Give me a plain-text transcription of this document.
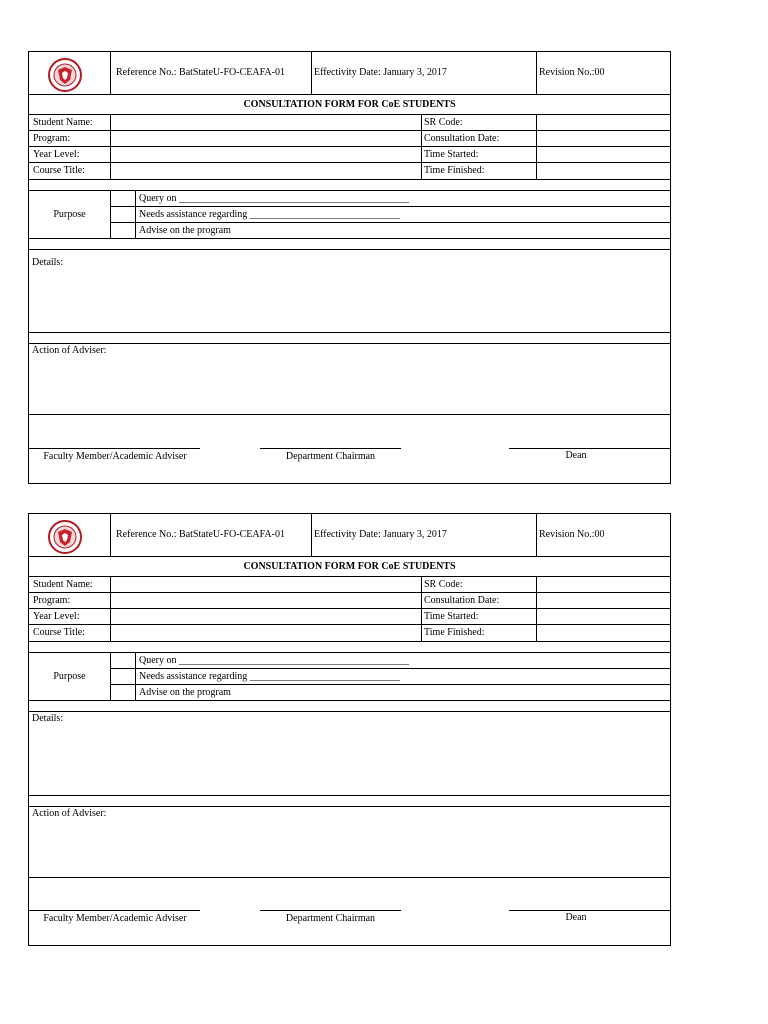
Reference No.: BatStateU-FO-CEAFA-01	Effectivity Date: January 3, 2017	Revision No.:00
CONSULTATION FORM FOR CoE STUDENTS
Student Name:	SR Code:
Program:	Consultation Date:
Year Level:	Time Started:
Course Title:	Time Finished:
Purpose
Query on ______________________________________________
Needs assistance regarding ______________________________
Advise on the program
Details:
Action of Adviser:
Faculty Member/Academic Adviser	Department Chairman	Dean
Reference No.: BatStateU-FO-CEAFA-01	Effectivity Date: January 3, 2017	Revision No.:00
CONSULTATION FORM FOR CoE STUDENTS
Student Name:	SR Code:
Program:	Consultation Date:
Year Level:	Time Started:
Course Title:	Time Finished:
Purpose
Query on ______________________________________________
Needs assistance regarding ______________________________
Advise on the program
Details:
Action of Adviser:
Faculty Member/Academic Adviser	Department Chairman	Dean
